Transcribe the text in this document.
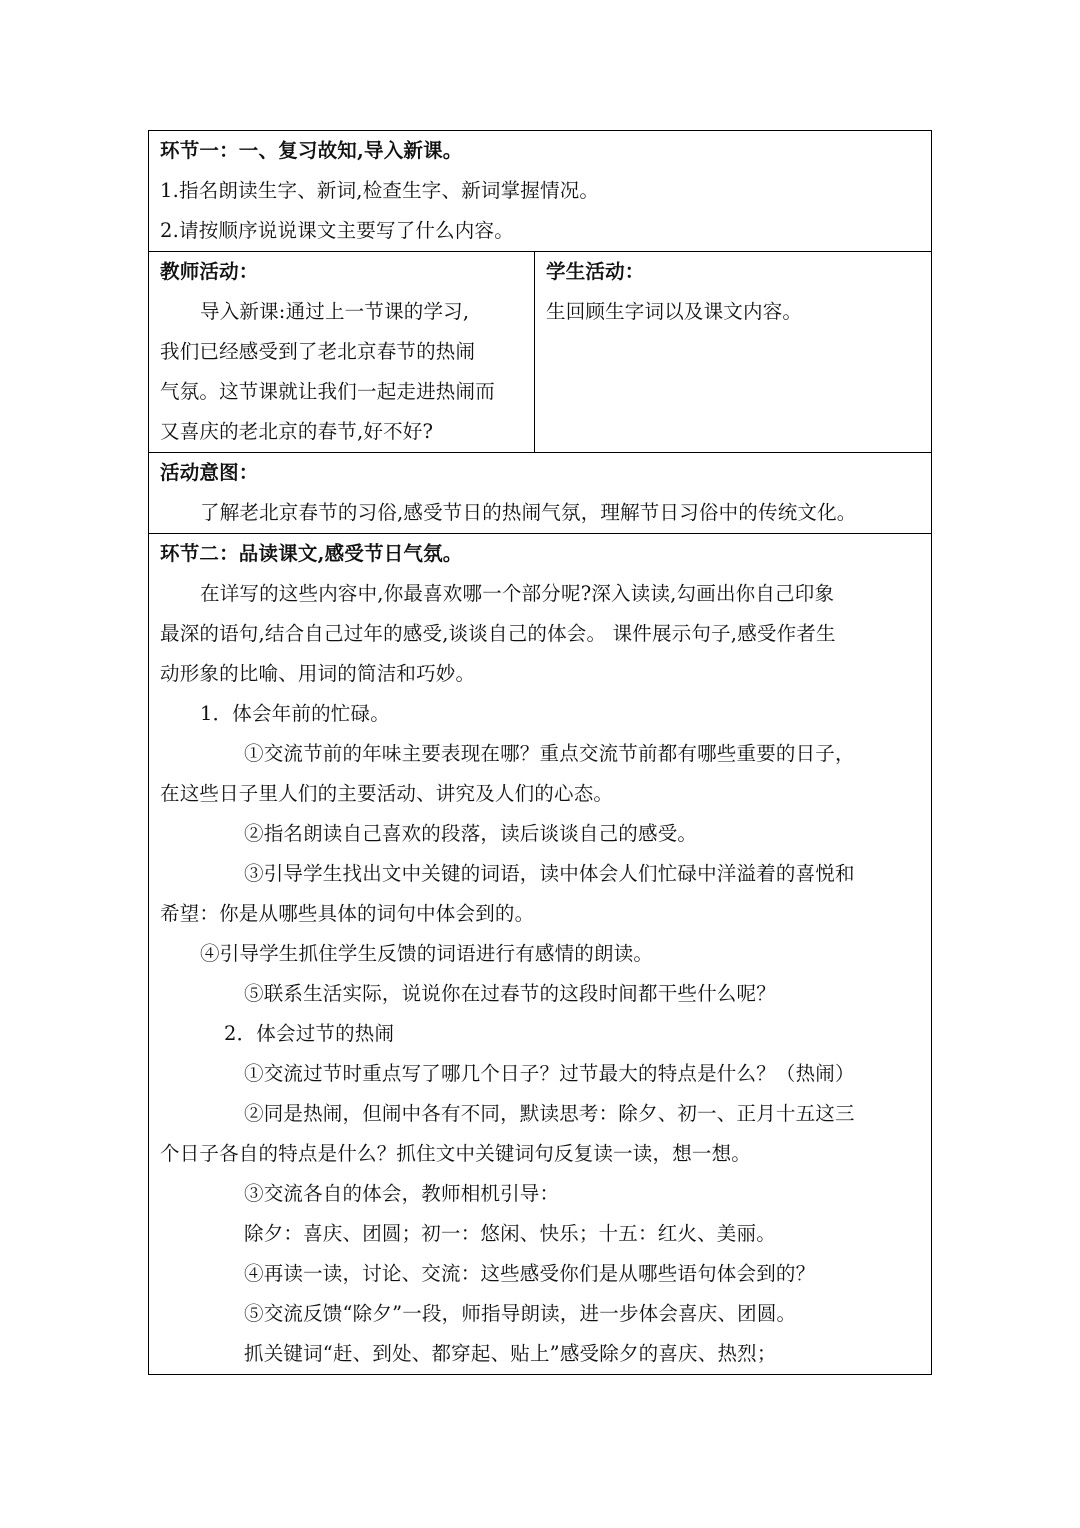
环节一：一、复习故知,导入新课。
1.指名朗读生字、新词,检查生字、新词掌握情况。
2.请按顺序说说课文主要写了什么内容。
教师活动：
导入新课:通过上一节课的学习,
我们已经感受到了老北京春节的热闹
气氛。这节课就让我们一起走进热闹而
又喜庆的老北京的春节,好不好?
学生活动：
生回顾生字词以及课文内容。
活动意图：
了解老北京春节的习俗,感受节日的热闹气氛，理解节日习俗中的传统文化。
环节二：品读课文,感受节日气氛。
在详写的这些内容中,你最喜欢哪一个部分呢?深入读读,勾画出你自己印象
最深的语句,结合自己过年的感受,谈谈自己的体会。 课件展示句子,感受作者生
动形象的比喻、用词的简洁和巧妙。
1．体会年前的忙碌。
①交流节前的年味主要表现在哪？重点交流节前都有哪些重要的日子，
在这些日子里人们的主要活动、讲究及人们的心态。
②指名朗读自己喜欢的段落，读后谈谈自己的感受。
③引导学生找出文中关键的词语，读中体会人们忙碌中洋溢着的喜悦和
希望：你是从哪些具体的词句中体会到的。
④引导学生抓住学生反馈的词语进行有感情的朗读。
⑤联系生活实际，说说你在过春节的这段时间都干些什么呢？
2．体会过节的热闹
①交流过节时重点写了哪几个日子？过节最大的特点是什么？（热闹）
②同是热闹，但闹中各有不同，默读思考：除夕、初一、正月十五这三
个日子各自的特点是什么？抓住文中关键词句反复读一读，想一想。
③交流各自的体会，教师相机引导：
除夕：喜庆、团圆；初一：悠闲、快乐；十五：红火、美丽。
④再读一读，讨论、交流：这些感受你们是从哪些语句体会到的？
⑤交流反馈“除夕”一段，师指导朗读，进一步体会喜庆、团圆。
抓关键词“赶、到处、都穿起、贴上”感受除夕的喜庆、热烈；
